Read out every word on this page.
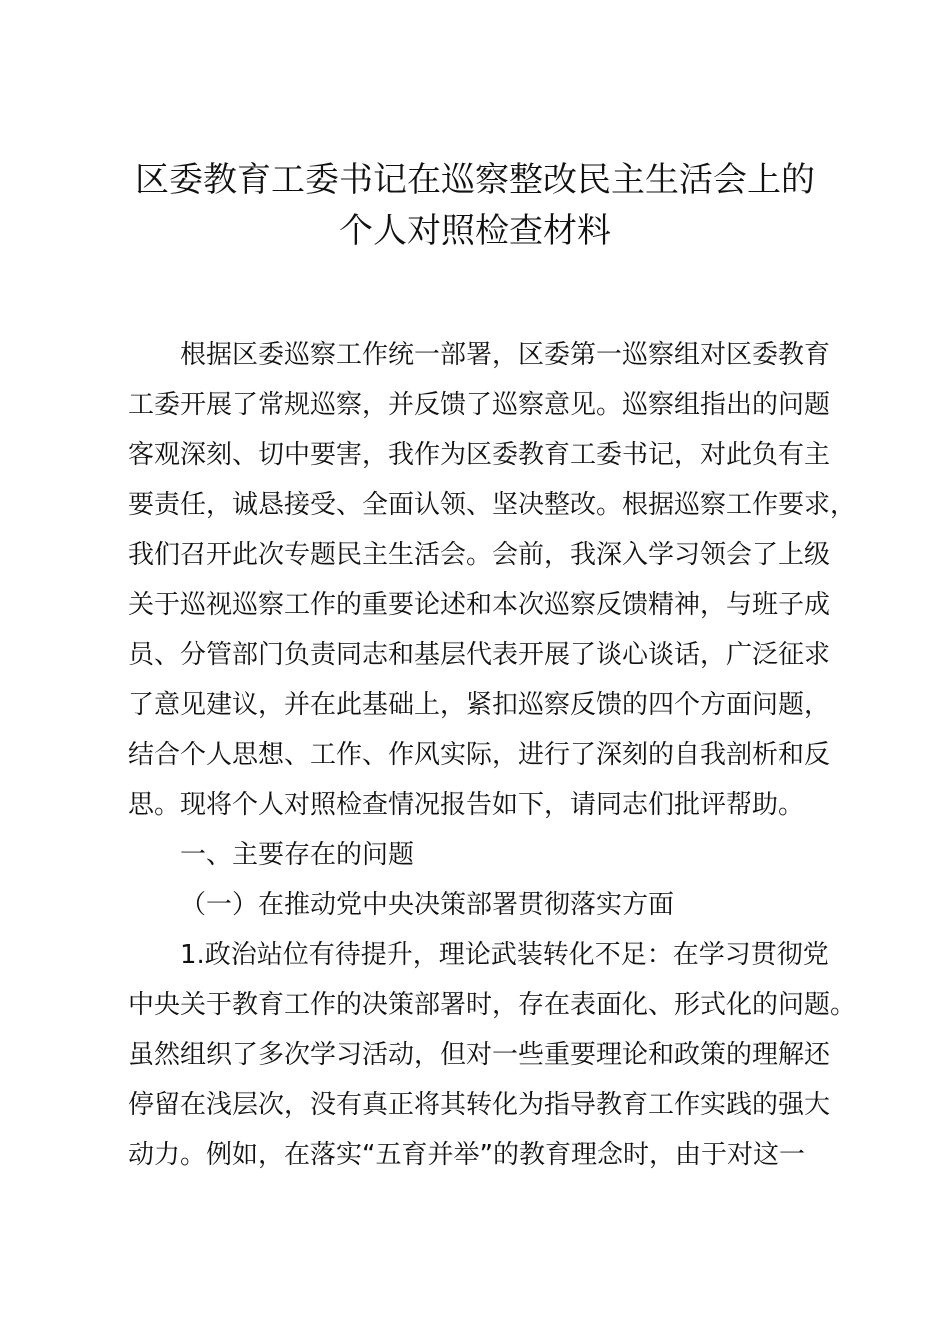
区委教育工委书记在巡察整改民主生活会上的
个人对照检查材料
根据区委巡察工作统一部署，区委第一巡察组对区委教育
工委开展了常规巡察，并反馈了巡察意见。巡察组指出的问题
客观深刻、切中要害，我作为区委教育工委书记，对此负有主
要责任，诚恳接受、全面认领、坚决整改。根据巡察工作要求，
我们召开此次专题民主生活会。会前，我深入学习领会了上级
关于巡视巡察工作的重要论述和本次巡察反馈精神，与班子成
员、分管部门负责同志和基层代表开展了谈心谈话，广泛征求
了意见建议，并在此基础上，紧扣巡察反馈的四个方面问题，
结合个人思想、工作、作风实际，进行了深刻的自我剖析和反
思。现将个人对照检查情况报告如下，请同志们批评帮助。
一、主要存在的问题
（一）在推动党中央决策部署贯彻落实方面
1.政治站位有待提升，理论武装转化不足：在学习贯彻党
中央关于教育工作的决策部署时，存在表面化、形式化的问题。
虽然组织了多次学习活动，但对一些重要理论和政策的理解还
停留在浅层次，没有真正将其转化为指导教育工作实践的强大
动力。例如，在落实“五育并举”的教育理念时，由于对这一
